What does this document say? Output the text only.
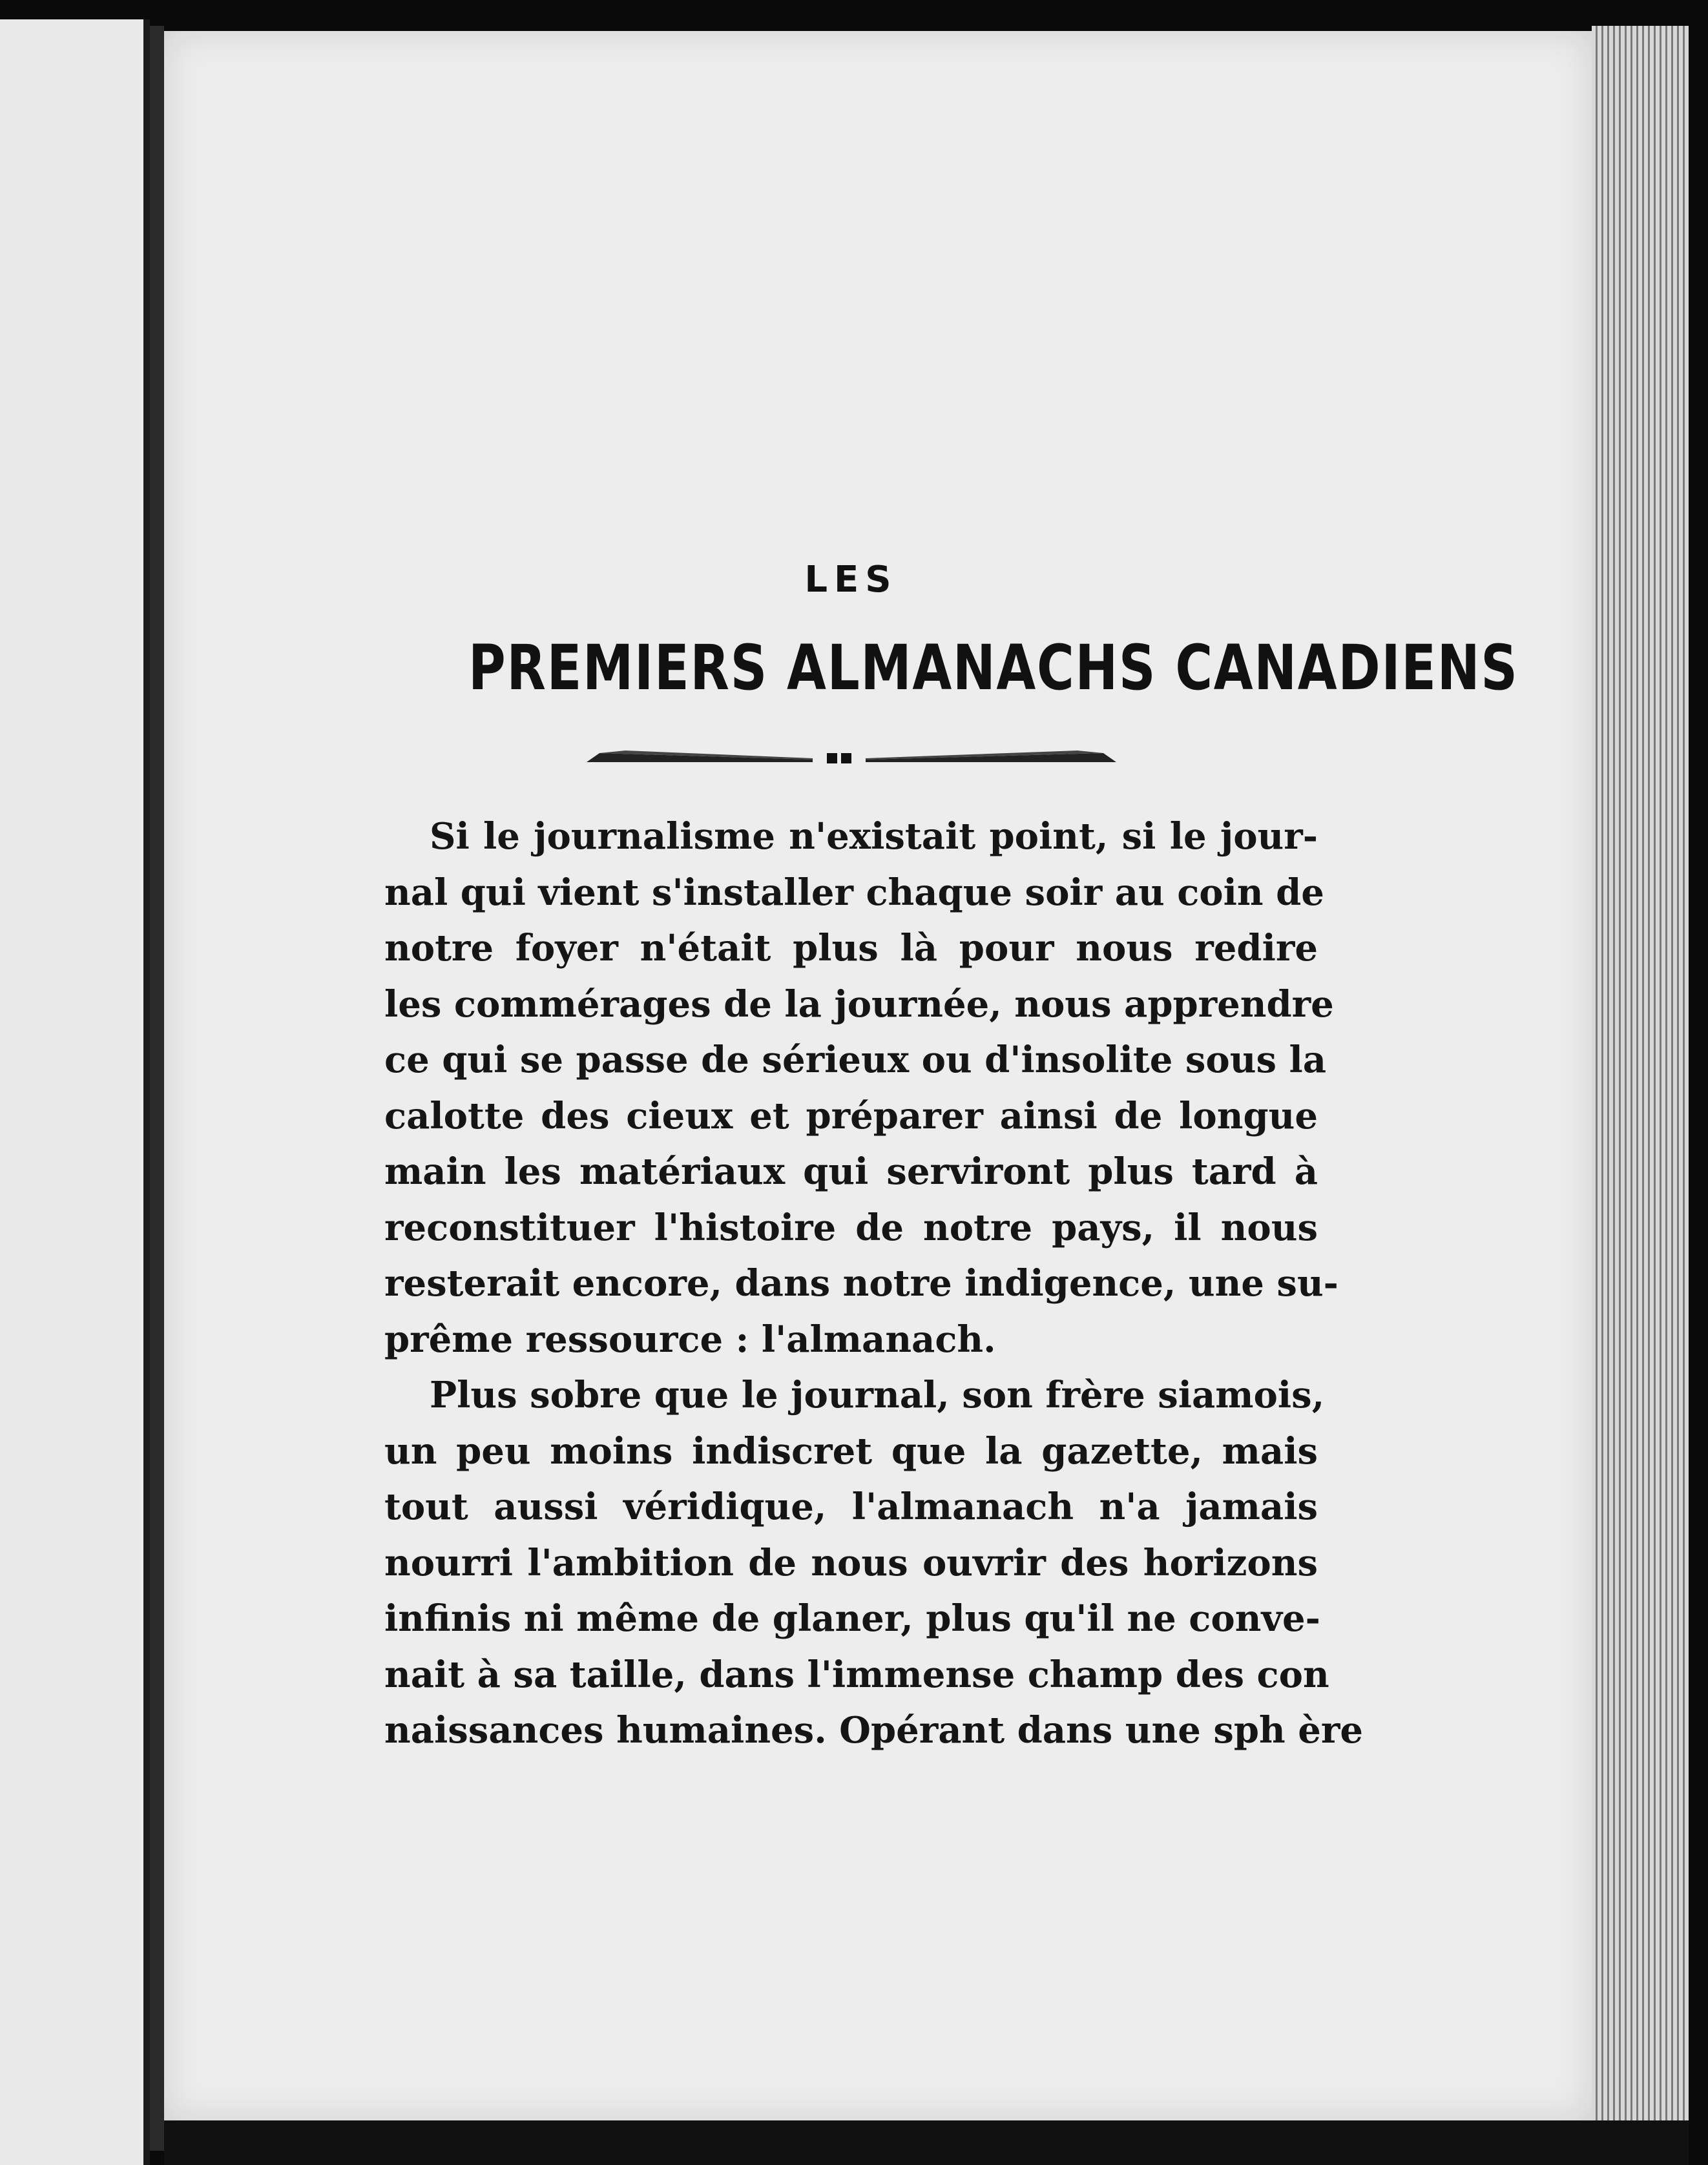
LES
PREMIERS ALMANACHS CANADIENS
Si le journalisme n'existait point, si le jour-
nal qui vient s'installer chaque soir au coin de
notre foyer n'était plus là pour nous redire
les commérages de la journée, nous apprendre
ce qui se passe de sérieux ou d'insolite sous la
calotte des cieux et préparer ainsi de longue
main les matériaux qui serviront plus tard à
reconstituer l'histoire de notre pays, il nous
resterait encore, dans notre indigence, une su-
prême ressource : l'almanach.
Plus sobre que le journal, son frère siamois,
un peu moins indiscret que la gazette, mais
tout aussi véridique, l'almanach n'a jamais
nourri l'ambition de nous ouvrir des horizons
infinis ni même de glaner, plus qu'il ne conve-
nait à sa taille, dans l'immense champ des con
naissances humaines. Opérant dans une sph ère
